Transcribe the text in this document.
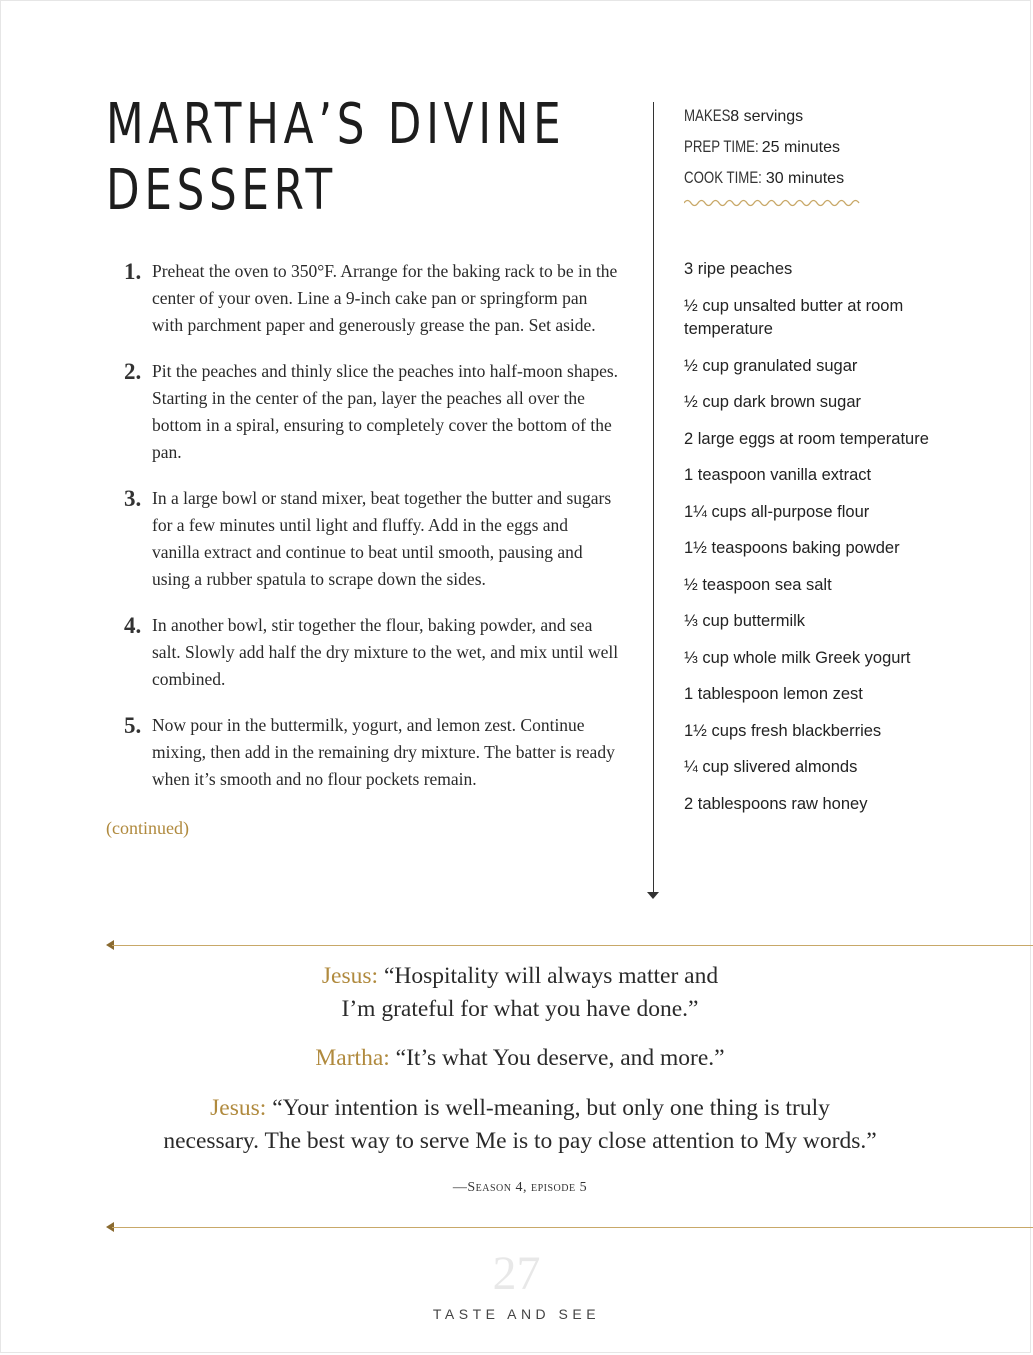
MARTHA’S DIVINE
DESSERT
MAKES: 8 servings
PREP TIME: 25 minutes
COOK TIME: 30 minutes
1. Preheat the oven to 350°F. Arrange for the baking rack to be in the center of your oven. Line a 9-inch cake pan or springform pan with parchment paper and generously grease the pan. Set aside.
2. Pit the peaches and thinly slice the peaches into half-moon shapes. Starting in the center of the pan, layer the peaches all over the bottom in a spiral, ensuring to completely cover the bottom of the pan.
3. In a large bowl or stand mixer, beat together the butter and sugars for a few minutes until light and fluffy. Add in the eggs and vanilla extract and continue to beat until smooth, pausing and using a rubber spatula to scrape down the sides.
4. In another bowl, stir together the flour, baking powder, and sea salt. Slowly add half the dry mixture to the wet, and mix until well combined.
5. Now pour in the buttermilk, yogurt, and lemon zest. Continue mixing, then add in the remaining dry mixture. The batter is ready when it’s smooth and no flour pockets remain.
(continued)
3 ripe peaches
½ cup unsalted butter at room temperature
½ cup granulated sugar
½ cup dark brown sugar
2 large eggs at room temperature
1 teaspoon vanilla extract
1¼ cups all-purpose flour
1½ teaspoons baking powder
½ teaspoon sea salt
⅓ cup buttermilk
⅓ cup whole milk Greek yogurt
1 tablespoon lemon zest
1½ cups fresh blackberries
¼ cup slivered almonds
2 tablespoons raw honey

Jesus: “Hospitality will always matter and
I’m grateful for what you have done.”

Martha: “It’s what You deserve, and more.”

Jesus: “Your intention is well-meaning, but only one thing is truly
necessary. The best way to serve Me is to pay close attention to My words.”

—Season 4, episode 5
27
TASTE AND SEE
